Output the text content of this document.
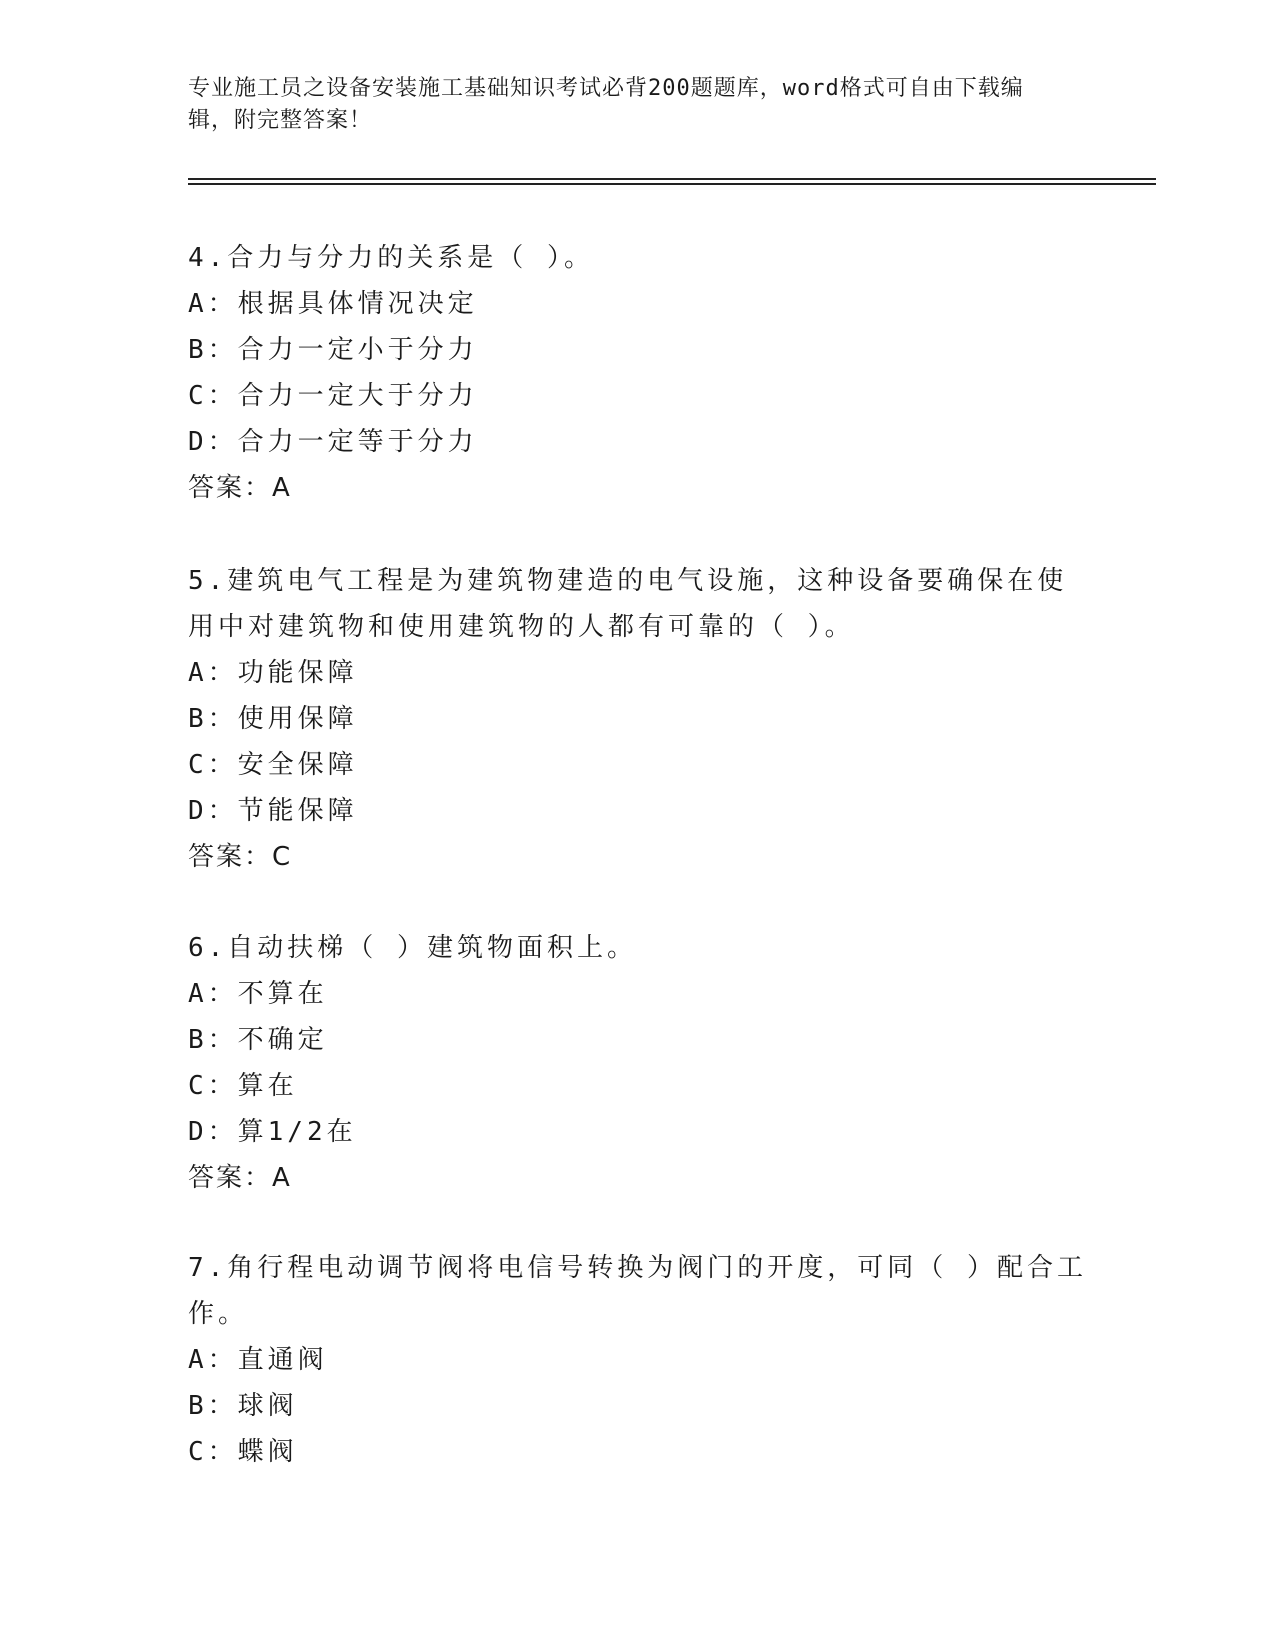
专业施工员之设备安装施工基础知识考试必背200题题库，word格式可自由下载编辑，附完整答案！

4.合力与分力的关系是（ ）。

A：根据具体情况决定

B：合力一定小于分力

C：合力一定大于分力

D：合力一定等于分力

答案：A

5.建筑电气工程是为建筑物建造的电气设施，这种设备要确保在使用中对建筑物和使用建筑物的人都有可靠的（ ）。

A：功能保障

B：使用保障

C：安全保障

D：节能保障

答案：C

6.自动扶梯（ ）建筑物面积上。

A：不算在

B：不确定

C：算在

D：算1/2在

答案：A

7.角行程电动调节阀将电信号转换为阀门的开度，可同（ ）配合工作。

A：直通阀

B：球阀

C：蝶阀
